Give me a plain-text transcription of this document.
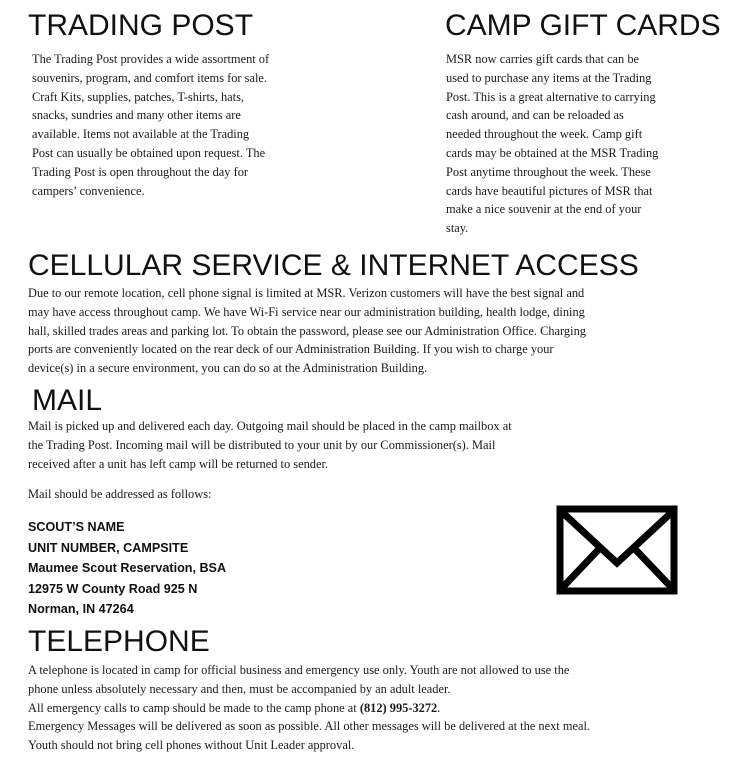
TRADING POST
The Trading Post provides a wide assortment of
souvenirs, program, and comfort items for sale.
Craft Kits, supplies, patches, T-shirts, hats,
snacks, sundries and many other items are
available. Items not available at the Trading
Post can usually be obtained upon request. The
Trading Post is open throughout the day for
campers’ convenience.
CAMP GIFT CARDS
MSR now carries gift cards that can be
used to purchase any items at the Trading
Post. This is a great alternative to carrying
cash around, and can be reloaded as
needed throughout the week. Camp gift
cards may be obtained at the MSR Trading
Post anytime throughout the week. These
cards have beautiful pictures of MSR that
make a nice souvenir at the end of your
stay.
CELLULAR SERVICE & INTERNET ACCESS
Due to our remote location, cell phone signal is limited at MSR. Verizon customers will have the best signal and
may have access throughout camp. We have Wi-Fi service near our administration building, health lodge, dining
hall, skilled trades areas and parking lot. To obtain the password, please see our Administration Office. Charging
ports are conveniently located on the rear deck of our Administration Building. If you wish to charge your
device(s) in a secure environment, you can do so at the Administration Building.
MAIL
Mail is picked up and delivered each day. Outgoing mail should be placed in the camp mailbox at
the Trading Post. Incoming mail will be distributed to your unit by our Commissioner(s). Mail
received after a unit has left camp will be returned to sender.
Mail should be addressed as follows:
SCOUT’S NAME
UNIT NUMBER, CAMPSITE
Maumee Scout Reservation, BSA
12975 W County Road 925 N
Norman, IN 47264
TELEPHONE
A telephone is located in camp for official business and emergency use only. Youth are not allowed to use the
phone unless absolutely necessary and then, must be accompanied by an adult leader.
All emergency calls to camp should be made to the camp phone at (812) 995-3272.
Emergency Messages will be delivered as soon as possible. All other messages will be delivered at the next meal.
Youth should not bring cell phones without Unit Leader approval.
